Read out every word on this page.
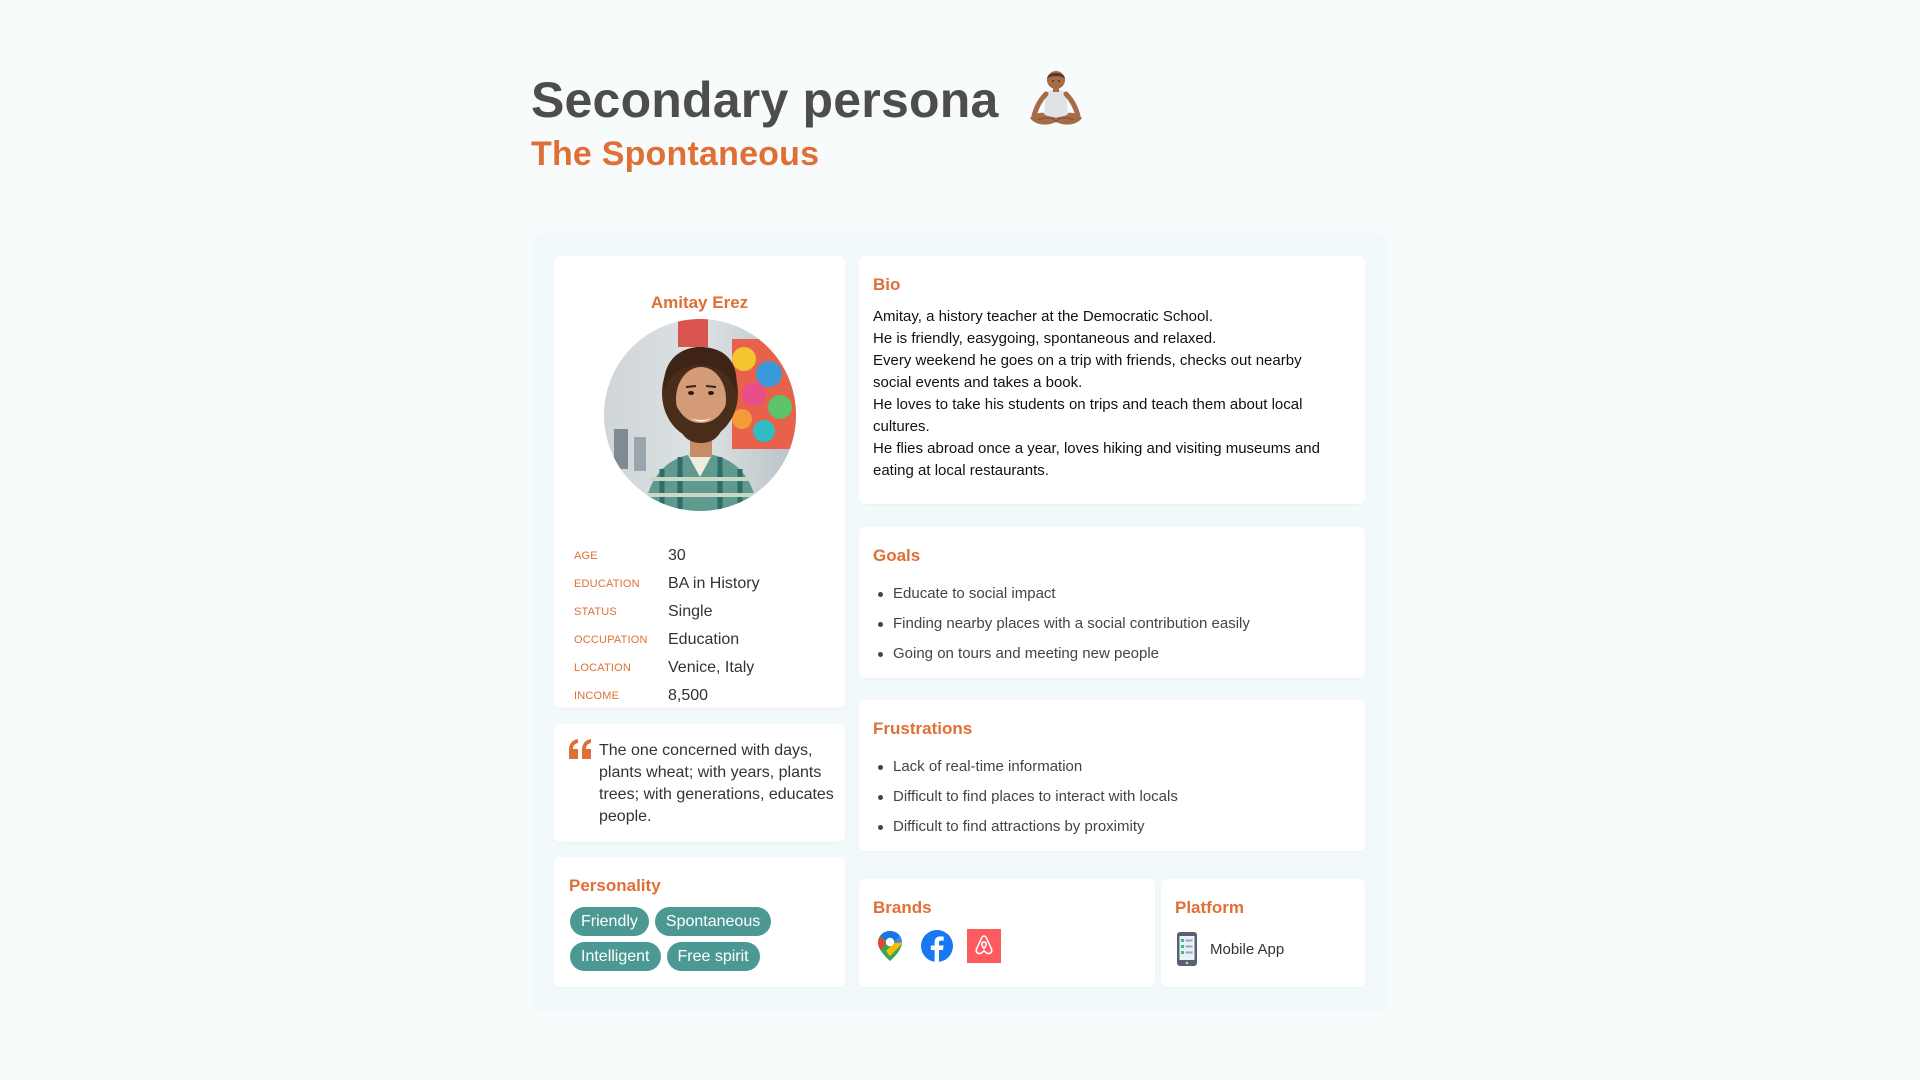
Secondary persona
The Spontaneous
Amitay Erez
AGE	30
EDUCATION	BA in History
STATUS	Single
OCCUPATION	Education
LOCATION	Venice, Italy
INCOME	8,500
The one concerned with days, plants wheat; with years, plants trees; with generations, educates people.
Personality
Friendly	Spontaneous
Intelligent	Free spirit
Bio
Amitay, a history teacher at the Democratic School.
He is friendly, easygoing, spontaneous and relaxed.
Every weekend he goes on a trip with friends, checks out nearby social events and takes a book.
He loves to take his students on trips and teach them about local cultures.
He flies abroad once a year, loves hiking and visiting museums and eating at local restaurants.
Goals
Educate to social impact
Finding nearby places with a social contribution easily
Going on tours and meeting new people
Frustrations
Lack of real-time information
Difficult to find places to interact with locals
Difficult to find attractions by proximity
Brands	Platform
Mobile App
